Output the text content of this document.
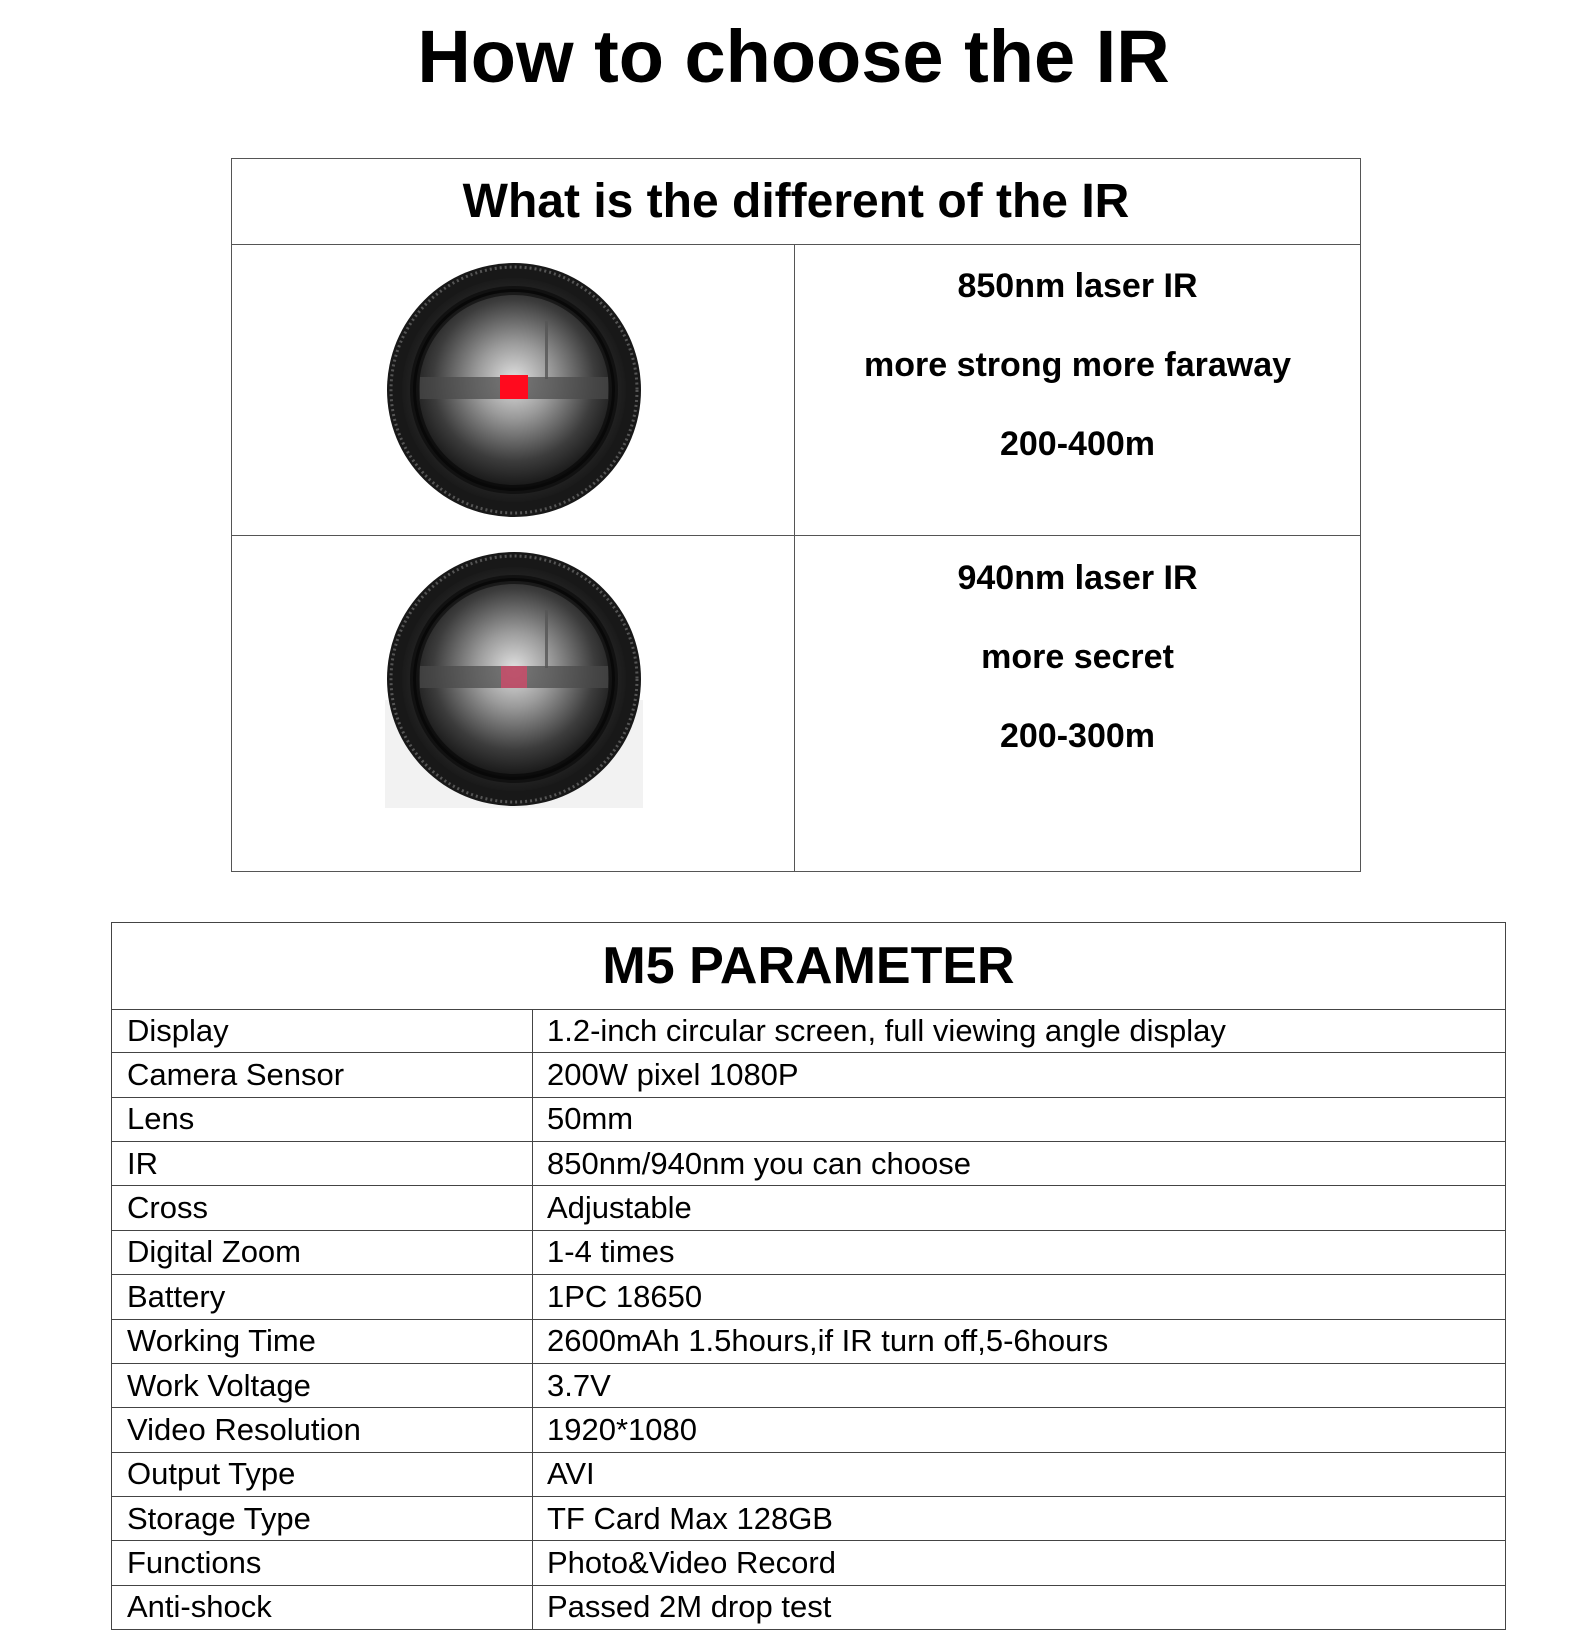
How to choose the IR
What is the different of the IR
850nm laser IR
more strong more faraway
200-400m
940nm laser IR
more secret
200-300m
M5 PARAMETER
Display	1.2-inch circular screen, full viewing angle display
Camera Sensor	200W pixel 1080P
Lens	50mm
IR	850nm/940nm you can choose
Cross	Adjustable
Digital Zoom	1-4 times
Battery	1PC 18650
Working Time	2600mAh 1.5hours,if IR turn off,5-6hours
Work Voltage	3.7V
Video Resolution	1920*1080
Output Type	AVI
Storage Type	TF Card Max 128GB
Functions	Photo&Video Record
Anti-shock	Passed 2M drop test
